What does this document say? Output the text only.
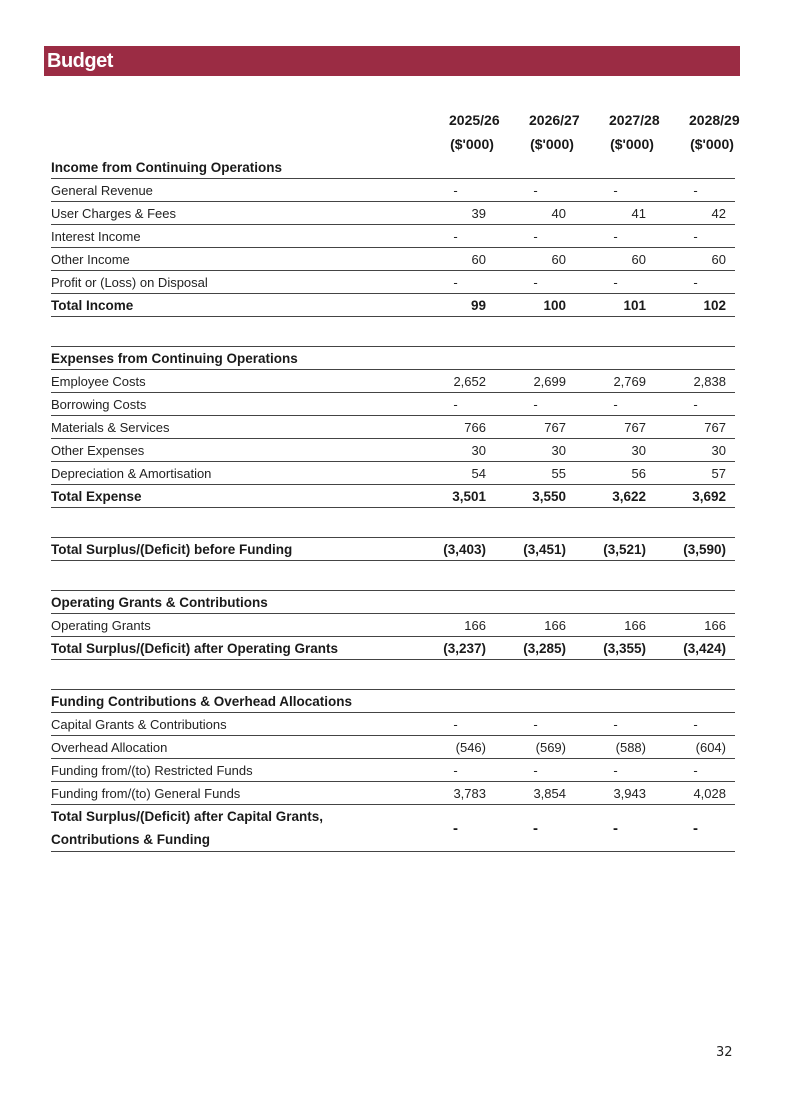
Budget
	2025/26	2026/27	2027/28	2028/29
	($'000)	($'000)	($'000)	($'000)
Income from Continuing Operations				
General Revenue	-	-	-	-
User Charges & Fees	39	40	41	42
Interest Income	-	-	-	-
Other Income	60	60	60	60
Profit or (Loss) on Disposal	-	-	-	-
Total Income	99	100	101	102

Expenses from Continuing Operations				
Employee Costs	2,652	2,699	2,769	2,838
Borrowing Costs	-	-	-	-
Materials & Services	766	767	767	767
Other Expenses	30	30	30	30
Depreciation & Amortisation	54	55	56	57
Total Expense	3,501	3,550	3,622	3,692

Total Surplus/(Deficit) before Funding	(3,403)	(3,451)	(3,521)	(3,590)

Operating Grants & Contributions				
Operating Grants	166	166	166	166
Total Surplus/(Deficit) after Operating Grants	(3,237)	(3,285)	(3,355)	(3,424)

Funding Contributions & Overhead Allocations				
Capital Grants & Contributions	-	-	-	-
Overhead Allocation	(546)	(569)	(588)	(604)
Funding from/(to) Restricted Funds	-	-	-	-
Funding from/(to) General Funds	3,783	3,854	3,943	4,028
Total Surplus/(Deficit) after Capital Grants, Contributions & Funding	-	-	-	-
32
